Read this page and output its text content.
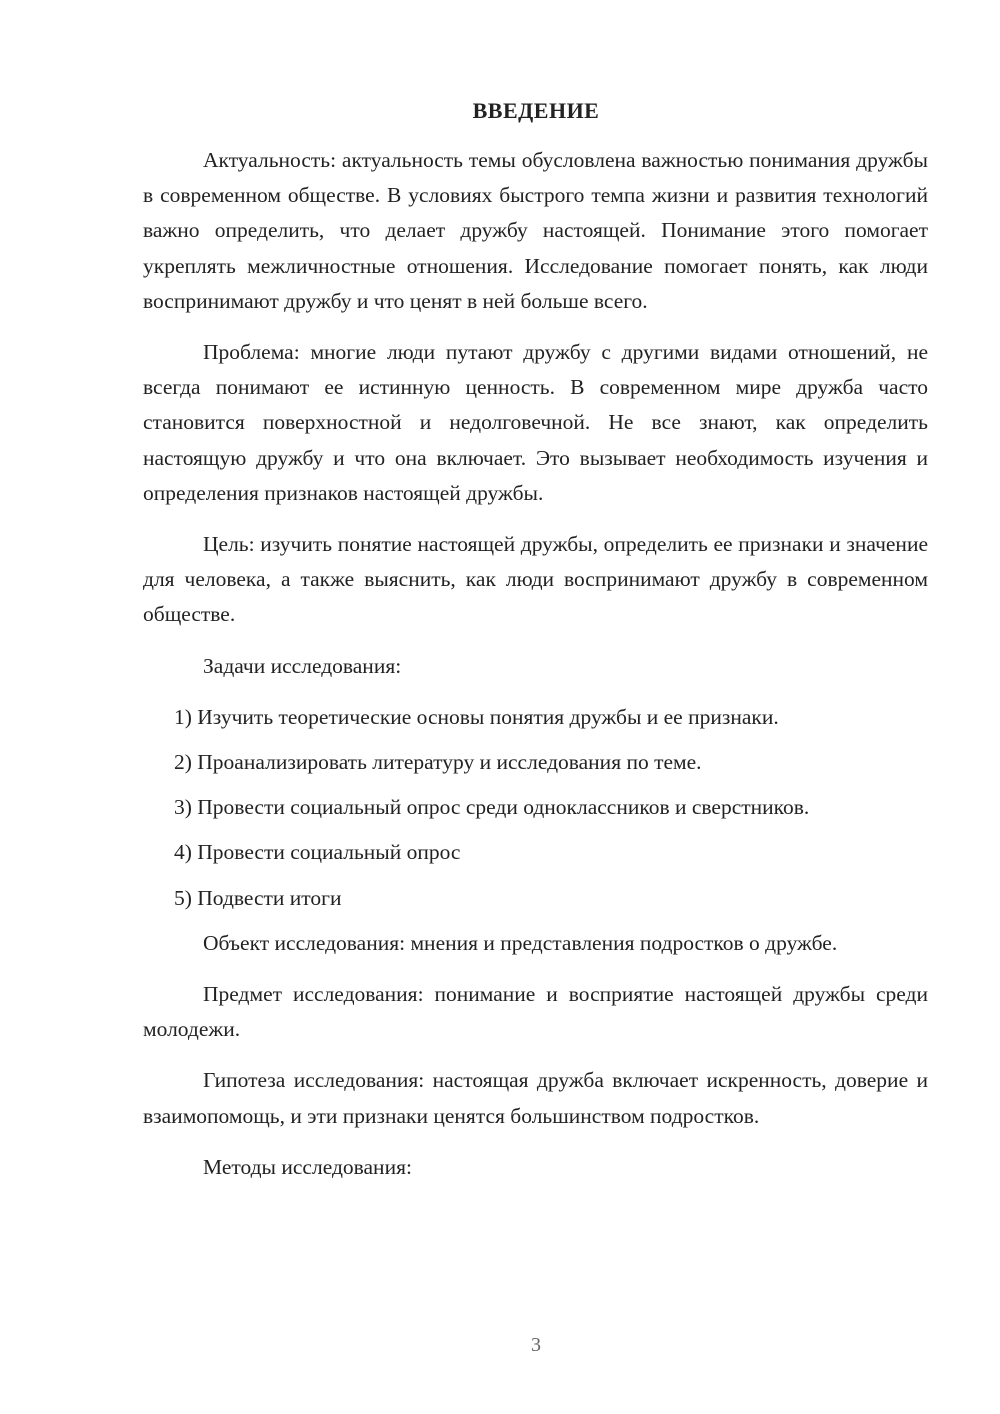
ВВЕДЕНИЕ

Актуальность: актуальность темы обусловлена важностью понимания дружбы в современном обществе. В условиях быстрого темпа жизни и развития технологий важно определить, что делает дружбу настоящей. Понимание этого помогает укреплять межличностные отношения. Исследование помогает понять, как люди воспринимают дружбу и что ценят в ней больше всего.

Проблема: многие люди путают дружбу с другими видами отношений, не всегда понимают ее истинную ценность. В современном мире дружба часто становится поверхностной и недолговечной. Не все знают, как определить настоящую дружбу и что она включает. Это вызывает необходимость изучения и определения признаков настоящей дружбы.

Цель: изучить понятие настоящей дружбы, определить ее признаки и значение для человека, а также выяснить, как люди воспринимают дружбу в современном обществе.

Задачи исследования:

1) Изучить теоретические основы понятия дружбы и ее признаки.
2) Проанализировать литературу и исследования по теме.
3) Провести социальный опрос среди одноклассников и сверстников.
4) Провести социальный опрос
5) Подвести итоги

Объект исследования: мнения и представления подростков о дружбе.

Предмет исследования: понимание и восприятие настоящей дружбы среди молодежи.

Гипотеза исследования: настоящая дружба включает искренность, доверие и взаимопомощь, и эти признаки ценятся большинством подростков.

Методы исследования:

3
